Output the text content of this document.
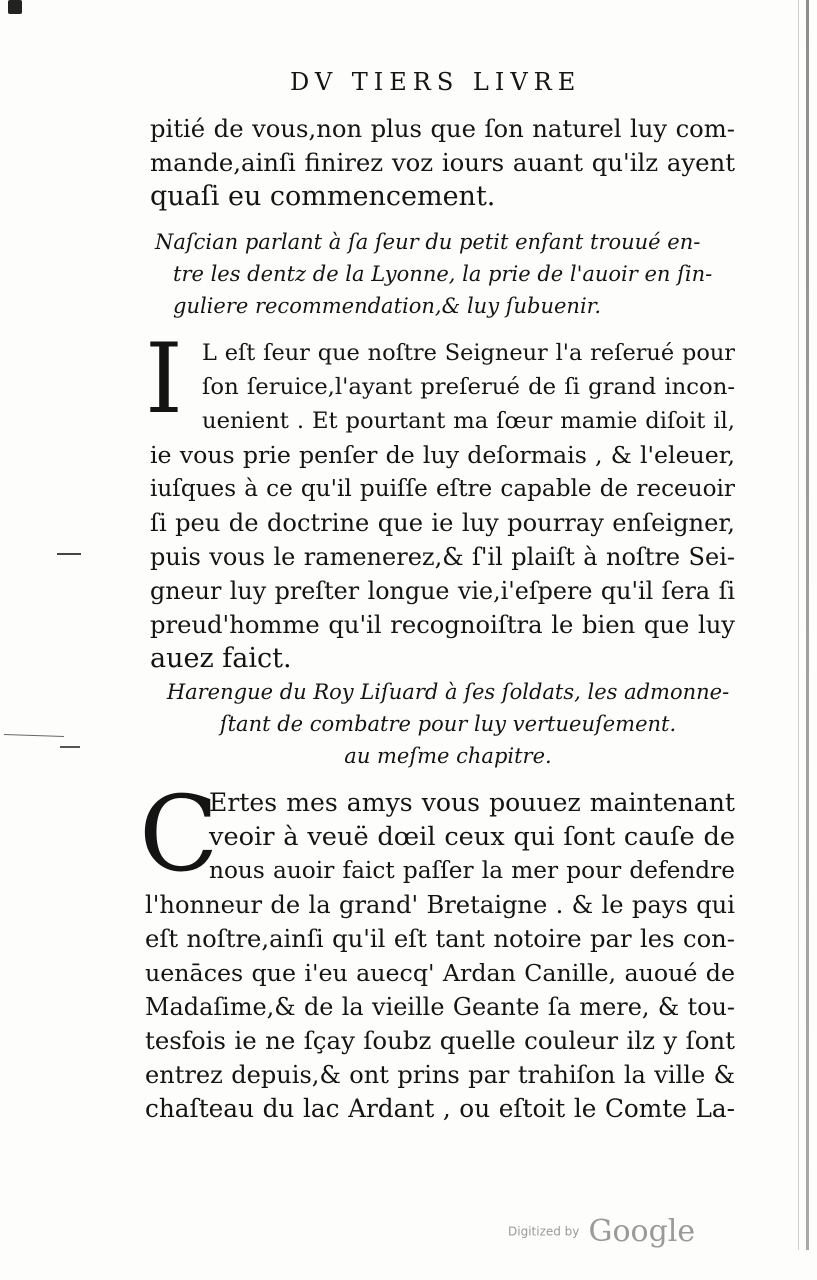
DV TIERS LIVRE

pitié de vous,non plus que ſon naturel luy com-
mande,ainſi finirez voz iours auant qu'ilz ayent
quaſi eu commencement.

Naſcian parlant à ſa ſeur du petit enfant trouué en-
tre les dentz de la Lyonne, la prie de l'auoir en ſin-
guliere recommendation,& luy ſubuenir.

I L eſt ſeur que noſtre Seigneur l'a reſerué pour
ſon ſeruice,l'ayant preſerué de ſi grand incon-
uenient . Et pourtant ma ſœur mamie diſoit il,
ie vous prie penſer de luy deſormais , & l'eleuer,
iuſques à ce qu'il puiſſe eſtre capable de receuoir
ſi peu de doctrine que ie luy pourray enſeigner,
puis vous le ramenerez,& ſ'il plaiſt à noſtre Sei-
gneur luy preſter longue vie,i'eſpere qu'il ſera ſi
preud'homme qu'il recognoiſtra le bien que luy
auez faict.

Harengue du Roy Liſuard à ſes ſoldats, les admonne-
ſtant de combatre pour luy vertueuſement.
au meſme chapitre.

C
Ertes mes amys vous pouuez maintenant
veoir à veuë dœil ceux qui ſont cauſe de
nous auoir faict paſſer la mer pour defendre
l'honneur de la grand' Bretaigne . & le pays qui
eſt noſtre,ainſi qu'il eſt tant notoire par les con-
uenāces que i'eu auecq' Ardan Canille, auoué de
Madaſime,& de la vieille Geante ſa mere, & tou-
tesfois ie ne ſçay ſoubz quelle couleur ilz y ſont
entrez depuis,& ont prins par trahiſon la ville &
chaſteau du lac Ardant , ou eſtoit le Comte La-

Digitized by Google
